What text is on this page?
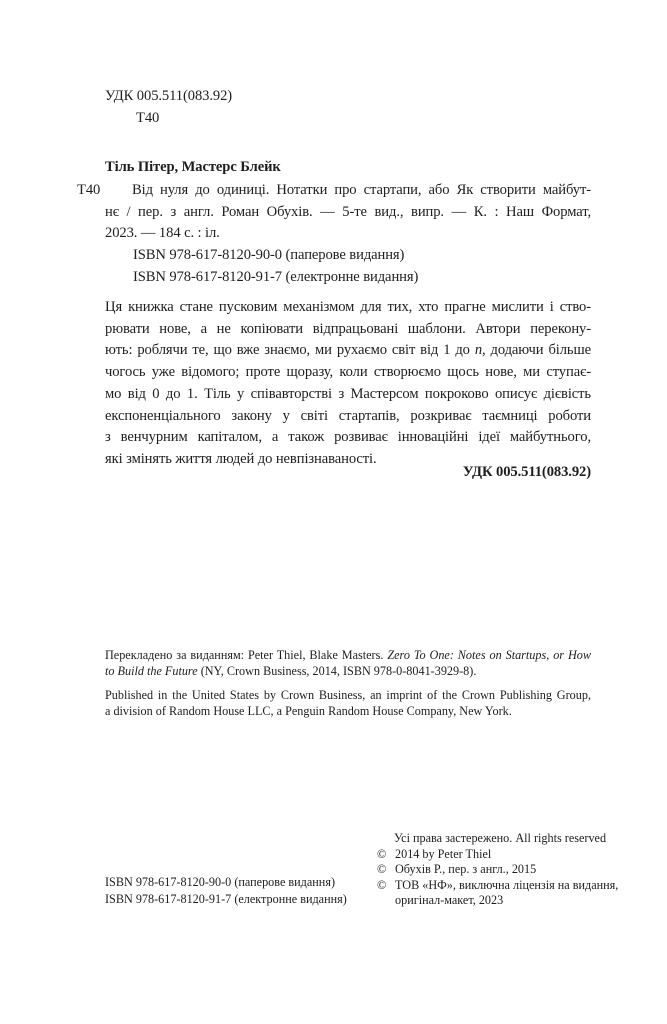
УДК 005.511(083.92)
Т40
Тіль Пітер, Мастерс Блейк
Т40	Від нуля до одиниці. Нотатки про стартапи, або Як створити майбут-
нє / пер. з англ. Роман Обухів. — 5-те вид., випр. — К. : Наш Формат,
2023. — 184 с. : іл.
ISBN 978-617-8120-90-0 (паперове видання)
ISBN 978-617-8120-91-7 (електронне видання)
Ця книжка стане пусковим механізмом для тих, хто прагне мислити і ство-
рювати нове, а не копіювати відпрацьовані шаблони. Автори перекону-
ють: роблячи те, що вже знаємо, ми рухаємо світ від 1 до n, додаючи більше
чогось уже відомого; проте щоразу, коли створюємо щось нове, ми ступає-
мо від 0 до 1. Тіль у співавторстві з Мастерсом покроково описує дієвість
експоненціального закону у світі стартапів, розкриває таємниці роботи
з венчурним капіталом, а також розвиває інноваційні ідеї майбутнього,
які змінять життя людей до невпізнаваності.
УДК 005.511(083.92)
Перекладено за виданням: Peter Thiel, Blake Masters. Zero To One: Notes on Startups, or How
to Build the Future (NY, Crown Business, 2014, ISBN 978-0-8041-3929-8).
Published in the United States by Crown Business, an imprint of the Crown Publishing Group,
a division of Random House LLC, a Penguin Random House Company, New York.
Усі права застережено. All rights reserved
© 2014 by Peter Thiel
© Обухів Р., пер. з англ., 2015
© ТОВ «НФ», виключна ліцензія на видання,
оригінал-макет, 2023
ISBN 978-617-8120-90-0 (паперове видання)
ISBN 978-617-8120-91-7 (електронне видання)
